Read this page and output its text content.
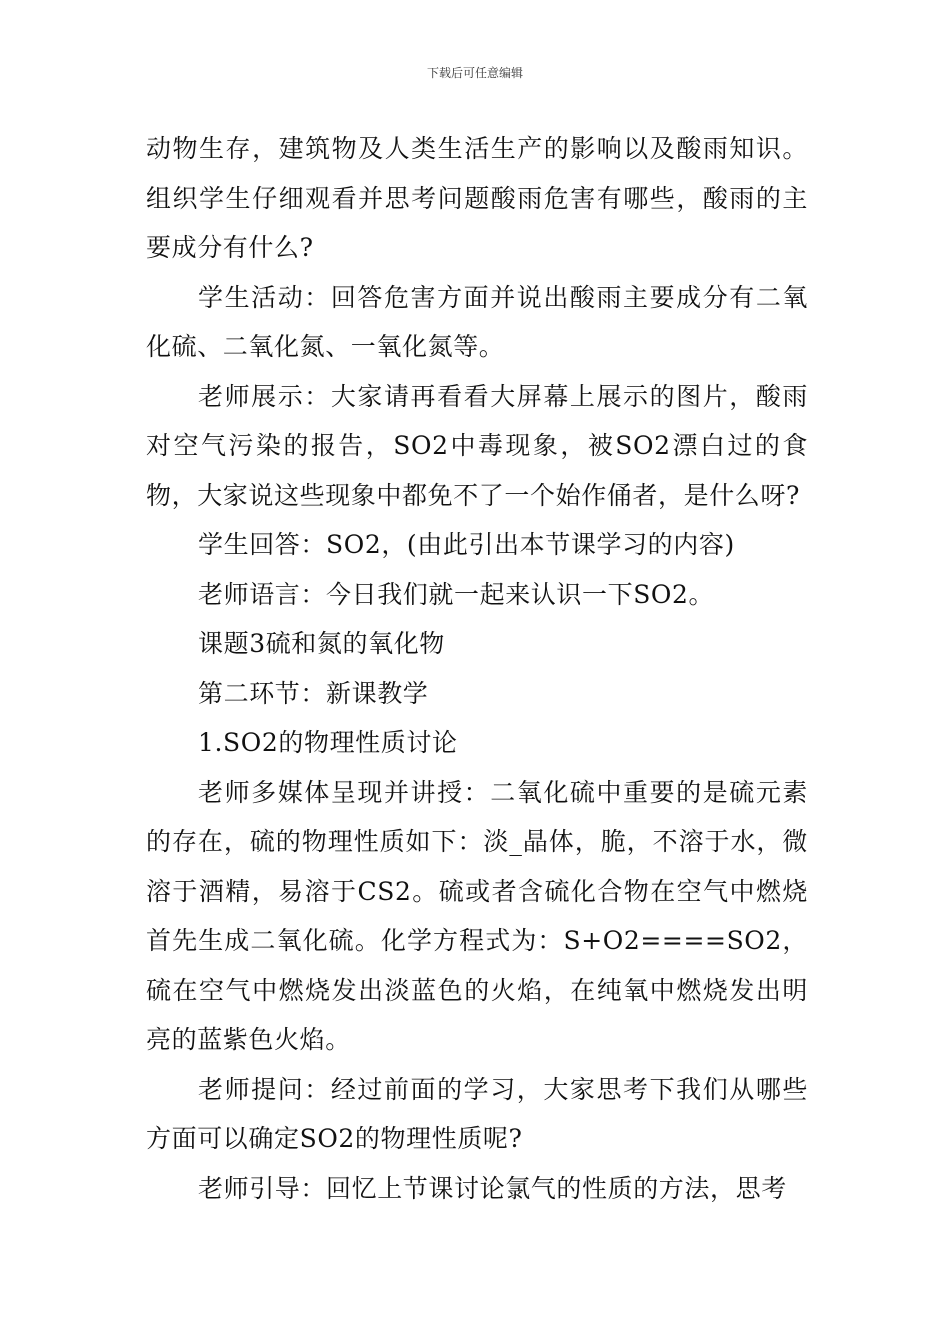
下载后可任意编辑

动物生存，建筑物及人类生活生产的影响以及酸雨知识。组织学生仔细观看并思考问题酸雨危害有哪些，酸雨的主要成分有什么?

学生活动：回答危害方面并说出酸雨主要成分有二氧化硫、二氧化氮、一氧化氮等。

老师展示：大家请再看看大屏幕上展示的图片，酸雨对空气污染的报告，SO2中毒现象，被SO2漂白过的食物，大家说这些现象中都免不了一个始作俑者，是什么呀?

学生回答：SO2，(由此引出本节课学习的内容)

老师语言：今日我们就一起来认识一下SO2。

课题3硫和氮的氧化物

第二环节：新课教学

1.SO2的物理性质讨论

老师多媒体呈现并讲授：二氧化硫中重要的是硫元素的存在，硫的物理性质如下：淡_晶体，脆，不溶于水，微溶于酒精，易溶于CS2。硫或者含硫化合物在空气中燃烧首先生成二氧化硫。化学方程式为：S+O2====SO2，硫在空气中燃烧发出淡蓝色的火焰，在纯氧中燃烧发出明亮的蓝紫色火焰。

老师提问：经过前面的学习，大家思考下我们从哪些方面可以确定SO2的物理性质呢?

老师引导：回忆上节课讨论氯气的性质的方法，思考
